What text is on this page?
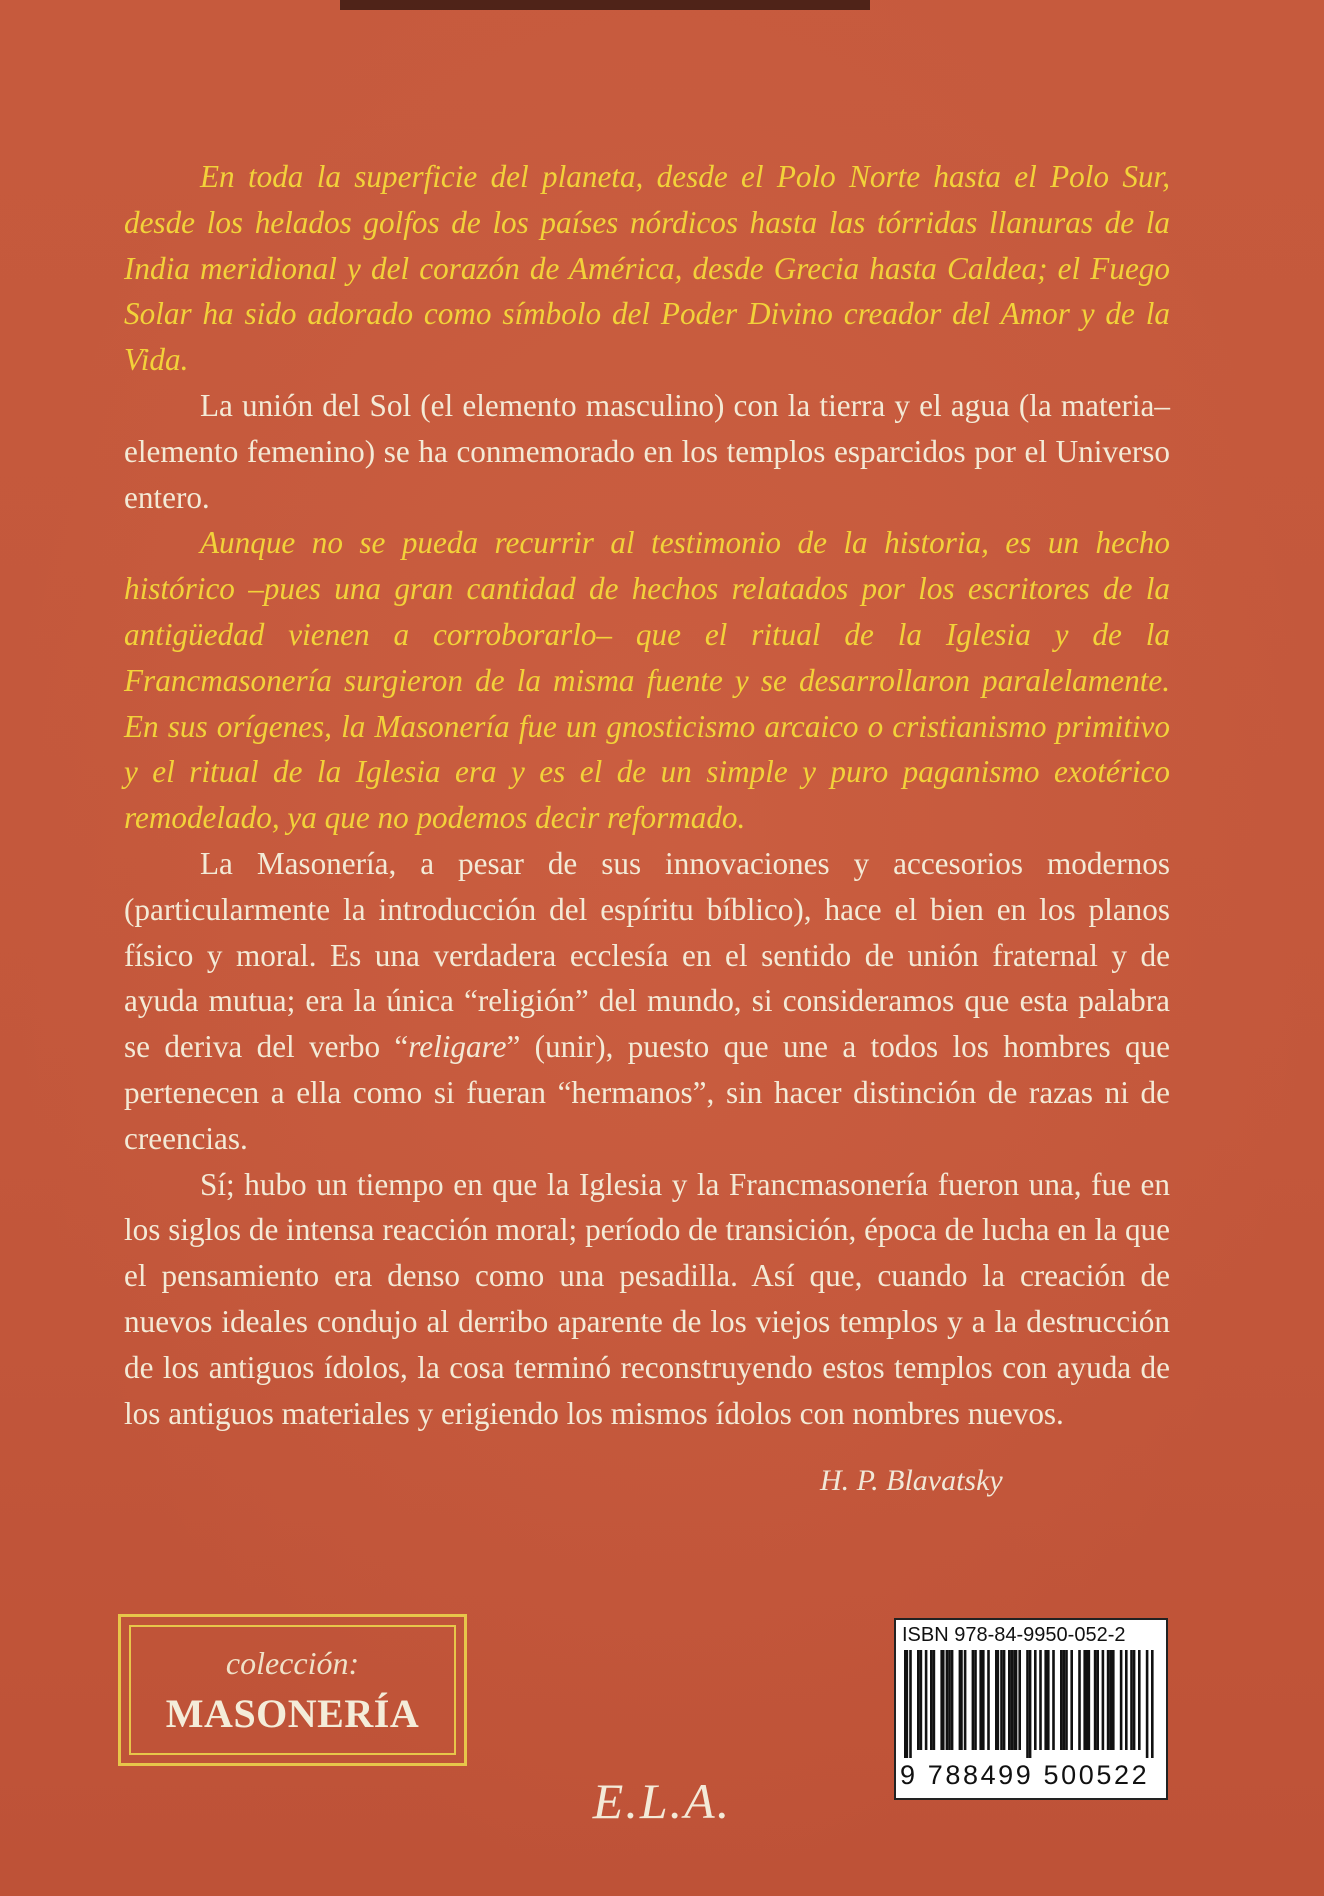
En toda la superficie del planeta, desde el Polo Norte hasta el Polo Sur, desde los helados golfos de los países nórdicos hasta las tórridas llanuras de la India meridional y del corazón de América, desde Grecia hasta Caldea; el Fuego Solar ha sido adorado como símbolo del Poder Divino creador del Amor y de la Vida.

La unión del Sol (el elemento masculino) con la tierra y el agua (la materia–elemento femenino) se ha conmemorado en los templos esparcidos por el Universo entero.

Aunque no se pueda recurrir al testimonio de la historia, es un hecho histórico –pues una gran cantidad de hechos relatados por los escritores de la antigüedad vienen a corroborarlo– que el ritual de la Iglesia y de la Francmasonería surgieron de la misma fuente y se desarrollaron paralelamente. En sus orígenes, la Masonería fue un gnosticismo arcaico o cristianismo primitivo y el ritual de la Iglesia era y es el de un simple y puro paganismo exotérico remodelado, ya que no podemos decir reformado.

La Masonería, a pesar de sus innovaciones y accesorios modernos (particularmente la introducción del espíritu bíblico), hace el bien en los planos físico y moral. Es una verdadera ecclesía en el sentido de unión fraternal y de ayuda mutua; era la única “religión” del mundo, si consideramos que esta palabra se deriva del verbo “religare” (unir), puesto que une a todos los hombres que pertenecen a ella como si fueran “hermanos”, sin hacer distinción de razas ni de creencias.

Sí; hubo un tiempo en que la Iglesia y la Francmasonería fueron una, fue en los siglos de intensa reacción moral; período de transición, época de lucha en la que el pensamiento era denso como una pesadilla. Así que, cuando la creación de nuevos ideales condujo al derribo aparente de los viejos templos y a la destrucción de los antiguos ídolos, la cosa terminó reconstruyendo estos templos con ayuda de los antiguos materiales y erigiendo los mismos ídolos con nombres nuevos.

H. P. Blavatsky
colección:
MASONERÍA
ISBN 978-84-9950-052-2
9 788499 500522
E.L.A.
